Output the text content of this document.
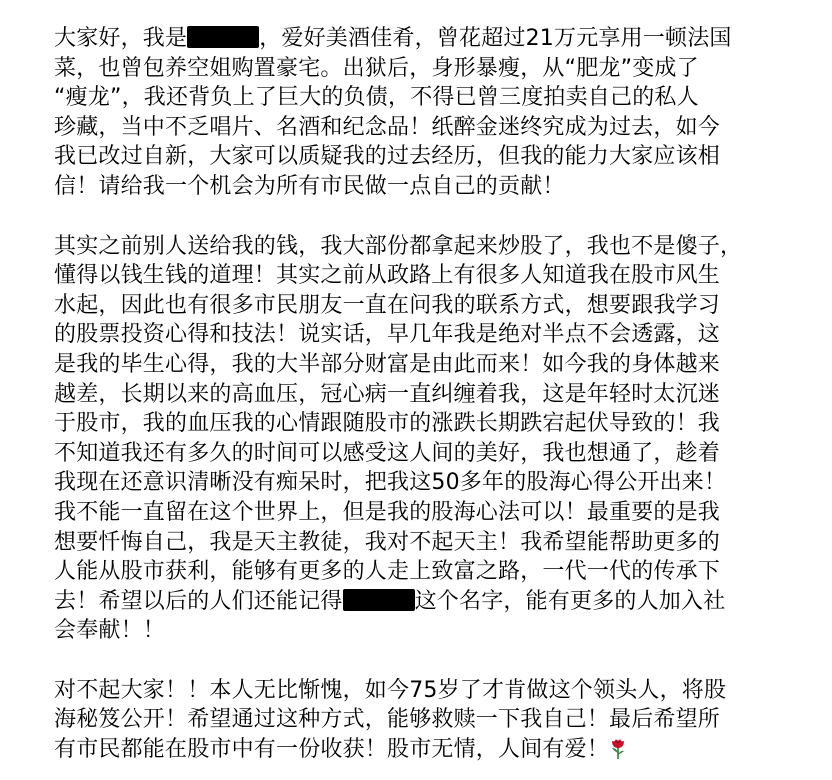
大家好，我是	，爱好美酒佳肴，曾花超过21万元享用一顿法国
菜，也曾包养空姐购置豪宅。出狱后，身形暴瘦，从“肥龙”变成了
“瘦龙”，我还背负上了巨大的负债，不得已曾三度拍卖自己的私人
珍藏，当中不乏唱片、名酒和纪念品！纸醉金迷终究成为过去，如今
我已改过自新，大家可以质疑我的过去经历，但我的能力大家应该相
信！请给我一个机会为所有市民做一点自己的贡献！

其实之前别人送给我的钱，我大部份都拿起来炒股了，我也不是傻子，
懂得以钱生钱的道理！其实之前从政路上有很多人知道我在股市风生
水起，因此也有很多市民朋友一直在问我的联系方式，想要跟我学习
的股票投资心得和技法！说实话，早几年我是绝对半点不会透露，这
是我的毕生心得，我的大半部分财富是由此而来！如今我的身体越来
越差，长期以来的高血压，冠心病一直纠缠着我，这是年轻时太沉迷
于股市，我的血压我的心情跟随股市的涨跌长期跌宕起伏导致的！我
不知道我还有多久的时间可以感受这人间的美好，我也想通了，趁着
我现在还意识清晰没有痴呆时，把我这50多年的股海心得公开出来！
我不能一直留在这个世界上，但是我的股海心法可以！最重要的是我
想要忏悔自己，我是天主教徒，我对不起天主！我希望能帮助更多的
人能从股市获利，能够有更多的人走上致富之路，一代一代的传承下
去！希望以后的人们还能记得	这个名字，能有更多的人加入社
会奉献！！

对不起大家！！本人无比惭愧，如今75岁了才肯做这个领头人，将股
海秘笈公开！希望通过这种方式，能够救赎一下我自己！最后希望所
有市民都能在股市中有一份收获！股市无情，人间有爱！
